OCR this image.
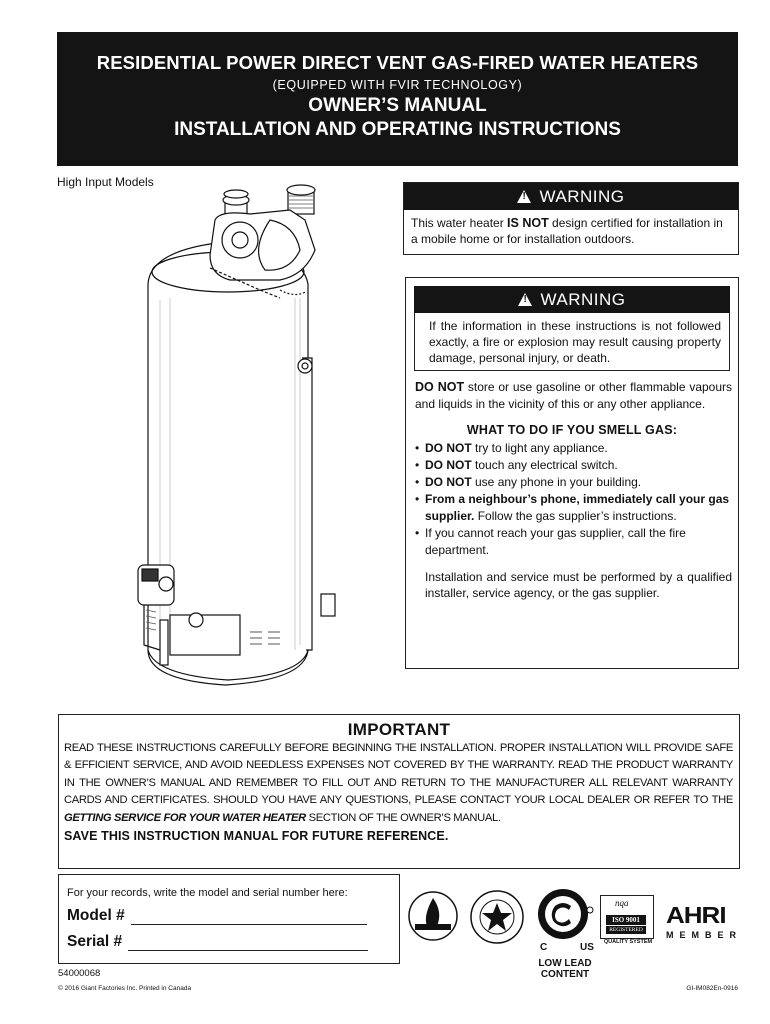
RESIDENTIAL POWER DIRECT VENT GAS-FIRED WATER HEATERS
(EQUIPPED WITH FVIR TECHNOLOGY)
OWNER’S MANUAL
INSTALLATION AND OPERATING INSTRUCTIONS
High Input Models
!WARNING
This water heater IS NOT design certified for installation in a mobile home or for installation outdoors.
!WARNING
If the information in these instructions is not followed exactly, a fire or explosion may result causing property damage, personal injury, or death.
DO NOT store or use gasoline or other flammable vapours and liquids in the vicinity of this or any other appliance.
WHAT TO DO IF YOU SMELL GAS:
• DO NOT try to light any appliance.
• DO NOT touch any electrical switch.
• DO NOT use any phone in your building.
• From a neighbour’s phone, immediately call your gas supplier. Follow the gas supplier’s instructions.
• If you cannot reach your gas supplier, call the fire department.
Installation and service must be performed by a qualified installer, service agency, or the gas supplier.
IMPORTANT
READ THESE INSTRUCTIONS CAREFULLY BEFORE BEGINNING THE INSTALLATION. PROPER INSTALLATION WILL PROVIDE SAFE & EFFICIENT SERVICE, AND AVOID NEEDLESS EXPENSES NOT COVERED BY THE WARRANTY. READ THE PRODUCT WARRANTY IN THE OWNER’S MANUAL AND REMEMBER TO FILL OUT AND RETURN TO THE MANUFACTURER ALL RELEVANT WARRANTY CARDS AND CERTIFICATES. SHOULD YOU HAVE ANY QUESTIONS, PLEASE CONTACT YOUR LOCAL DEALER OR REFER TO THE GETTING SERVICE FOR YOUR WATER HEATER SECTION OF THE OWNER’S MANUAL.
SAVE THIS INSTRUCTION MANUAL FOR FUTURE REFERENCE.
For your records, write the model and serial number here:
Model #
Serial #
54000068
© 2016 Giant Factories Inc. Printed in Canada	GI-IM082En-0916
C	US
LOW LEAD CONTENT
nqa
ISO 9001
REGISTERED
QUALITY SYSTEM
AHRI
MEMBER
